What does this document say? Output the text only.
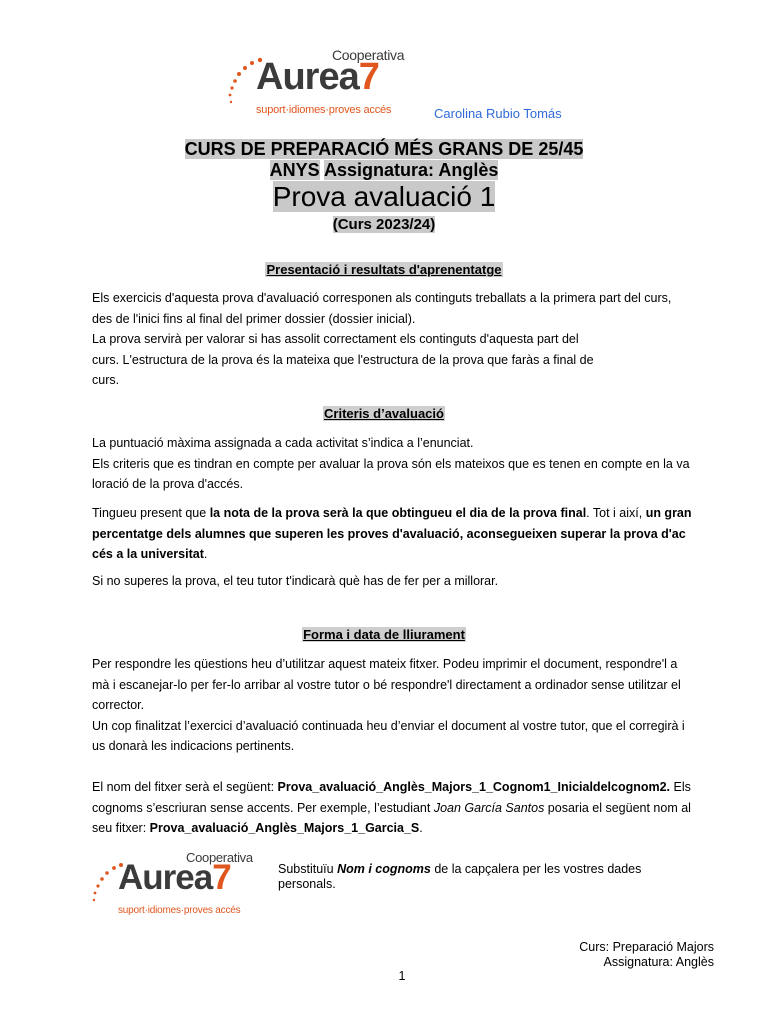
Cooperativa
Aurea7
suport·idiomes·proves accés	Carolina Rubio Tomás
CURS DE PREPARACIÓ MÉS GRANS DE 25/45
ANYS Assignatura: Anglès
Prova avaluació 1
(Curs 2023/24)
Presentació i resultats d'aprenentatge

Els exercicis d'aquesta prova d'avaluació corresponen als continguts treballats a la primera part del curs,

des de l'inici fins al final del primer dossier (dossier inicial).

La prova servirà per valorar si has assolit correctament els continguts d'aquesta part del

curs. L'estructura de la prova és la mateixa que l'estructura de la prova que faràs a final de

curs.

Criteris d’avaluació

La puntuació màxima assignada a cada activitat s’indica a l’enunciat.

Els criteris que es tindran en compte per avaluar la prova són els mateixos que es tenen en compte en la va

loració de la prova d'accés.

Tingueu present que la nota de la prova serà la que obtingueu el dia de la prova final. Tot i així, un gran

percentatge dels alumnes que superen les proves d'avaluació, aconsegueixen superar la prova d'ac

cés a la universitat.

Si no superes la prova, el teu tutor t'indicarà què has de fer per a millorar.

Forma i data de lliurament

Per respondre les qüestions heu d’utilitzar aquest mateix fitxer. Podeu imprimir el document, respondre'l a

mà i escanejar-lo per fer-lo arribar al vostre tutor o bé respondre'l directament a ordinador sense utilitzar el

corrector.

Un cop finalitzat l’exercici d’avaluació continuada heu d’enviar el document al vostre tutor, que el corregirà i

us donarà les indicacions pertinents.

El nom del fitxer serà el següent: Prova_avaluació_Anglès_Majors_1_Cognom1_Inicialdelcognom2. Els

cognoms s’escriuran sense accents. Per exemple, l’estudiant Joan García Santos posaria el següent nom al

seu fitxer: Prova_avaluació_Anglès_Majors_1_Garcia_S.

Cooperativa
Aurea7
suport·idiomes·proves accés
Substituïu Nom i cognoms de la capçalera per les vostres dades
personals.
Curs: Preparació Majors
Assignatura: Anglès
1
